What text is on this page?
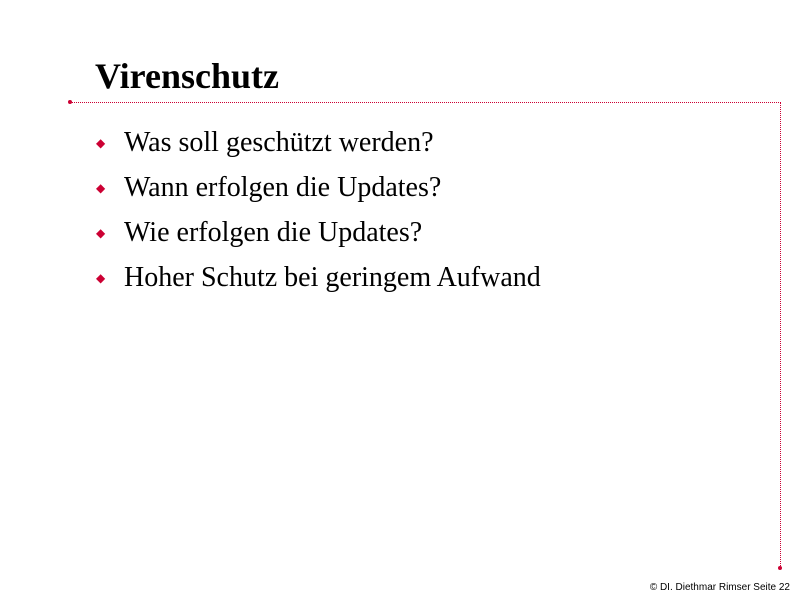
Virenschutz
◆ Was soll geschützt werden?
◆ Wann erfolgen die Updates?
◆ Wie erfolgen die Updates?
◆ Hoher Schutz bei geringem Aufwand
© DI. Diethmar Rimser Seite 22
